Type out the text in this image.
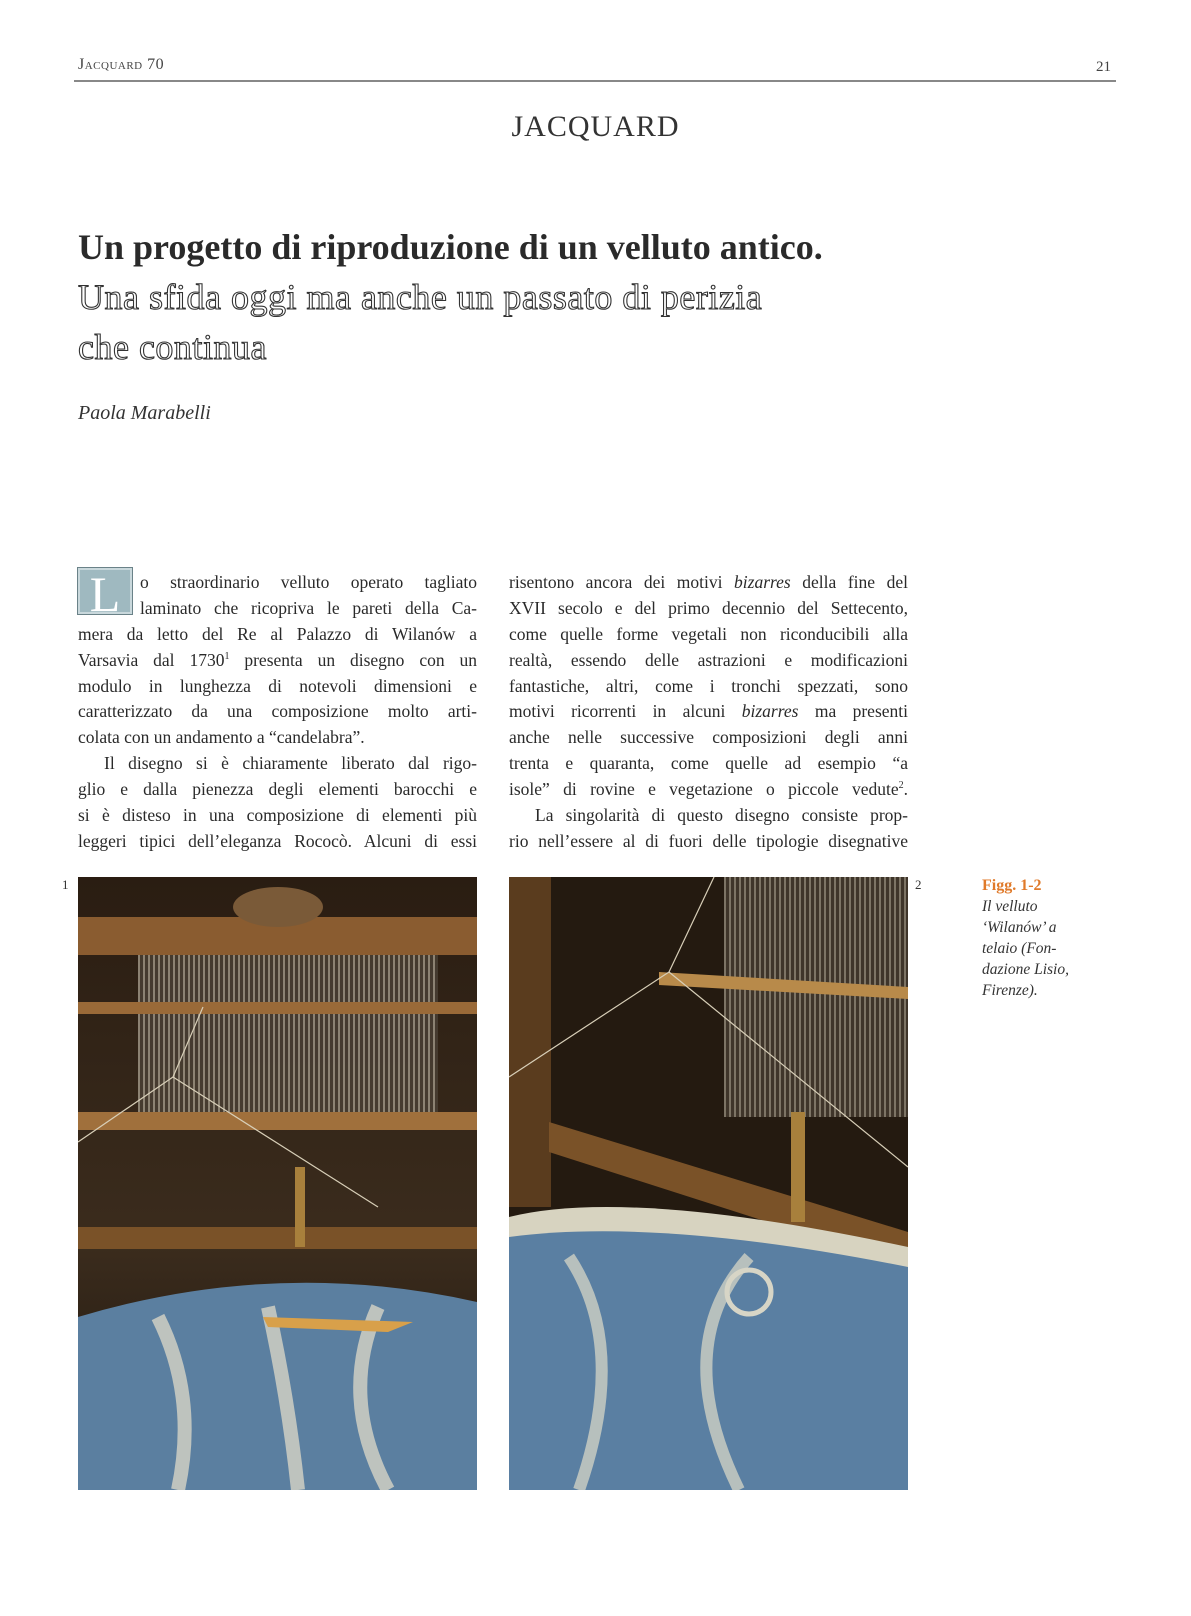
Jacquard 70	21
JACQUARD
Un progetto di riproduzione di un velluto antico.
Una sfida oggi ma anche un passato di perizia
che continua
Paola Marabelli
L	o straordinario velluto operato tagliato
laminato che ricopriva le pareti della Ca-
mera da letto del Re al Palazzo di Wilanów a
Varsavia dal 1730$^1$ presenta un disegno con un
modulo in lunghezza di notevoli dimensioni e
caratterizzato da una composizione molto arti-
colata con un andamento a “candelabra”.
Il disegno si è chiaramente liberato dal rigo-
glio e dalla pienezza degli elementi barocchi e
si è disteso in una composizione di elementi più
leggeri tipici dell’eleganza Rococò. Alcuni di essi
risentono ancora dei motivi bizarres della fine del
XVII secolo e del primo decennio del Settecento,
come quelle forme vegetali non riconducibili alla
realtà, essendo delle astrazioni e modificazioni
fantastiche, altri, come i tronchi spezzati, sono
motivi ricorrenti in alcuni bizarres ma presenti
anche nelle successive composizioni degli anni
trenta e quaranta, come quelle ad esempio “a
isole” di rovine e vegetazione o piccole vedute$^2$.
La singolarità di questo disegno consiste prop-
rio nell’essere al di fuori delle tipologie disegnative
1	2	Figg. 1-2
Il velluto
‘Wilanów’ a
telaio (Fon-
dazione Lisio,
Firenze).
